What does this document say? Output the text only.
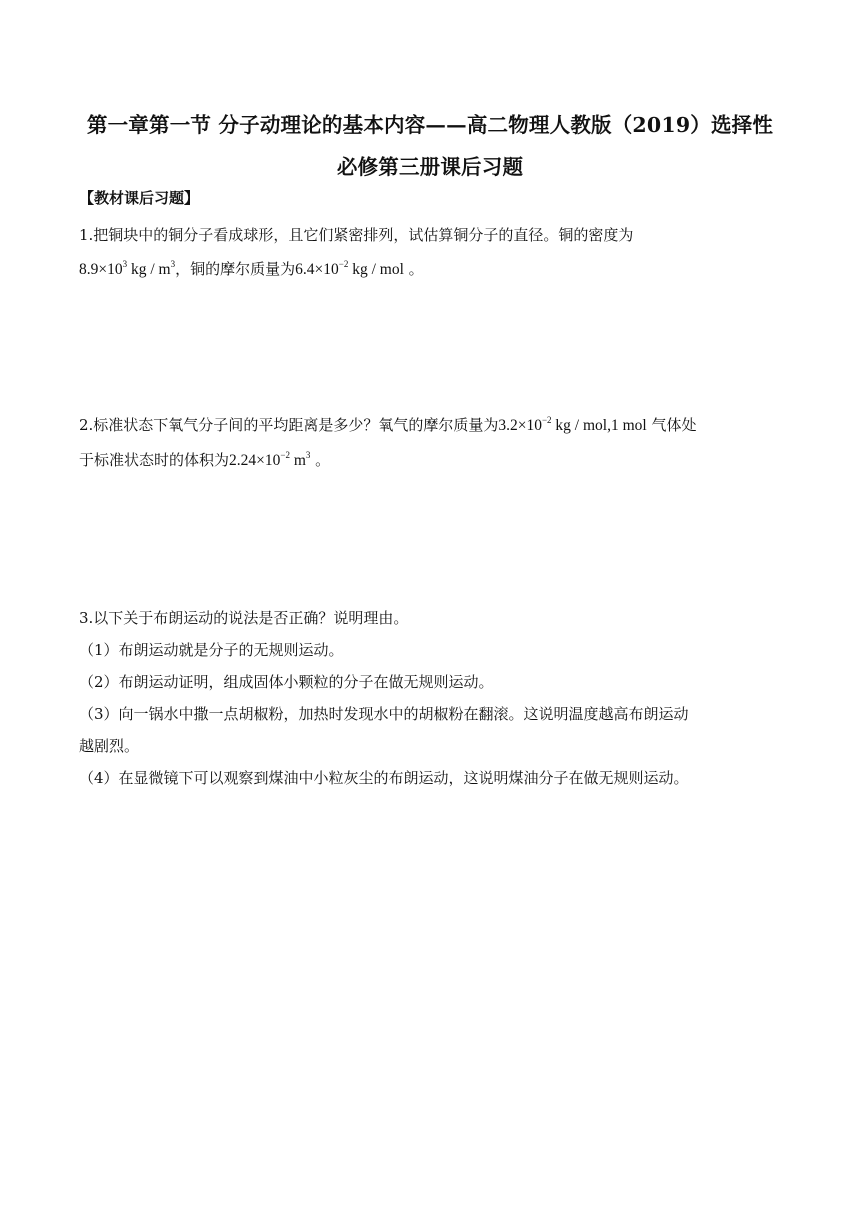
第一章第一节 分子动理论的基本内容——高二物理人教版（2019）选择性
必修第三册课后习题
【教材课后习题】
1.把铜块中的铜分子看成球形，且它们紧密排列，试估算铜分子的直径。铜的密度为
$8.9\times 10^3$ kg / $m^3$，铜的摩尔质量为$6.4\times 10^{-2}$ kg / mol 。
2.标准状态下氧气分子间的平均距离是多少？氧气的摩尔质量为$3.2\times 10^{-2}$ kg / mol,1 mol 气体处
于标准状态时的体积为$2.24\times 10^{-2}$ $m^3$ 。
3.以下关于布朗运动的说法是否正确？说明理由。
（1）布朗运动就是分子的无规则运动。
（2）布朗运动证明，组成固体小颗粒的分子在做无规则运动。
（3）向一锅水中撒一点胡椒粉，加热时发现水中的胡椒粉在翻滚。这说明温度越高布朗运动
越剧烈。
（4）在显微镜下可以观察到煤油中小粒灰尘的布朗运动，这说明煤油分子在做无规则运动。
